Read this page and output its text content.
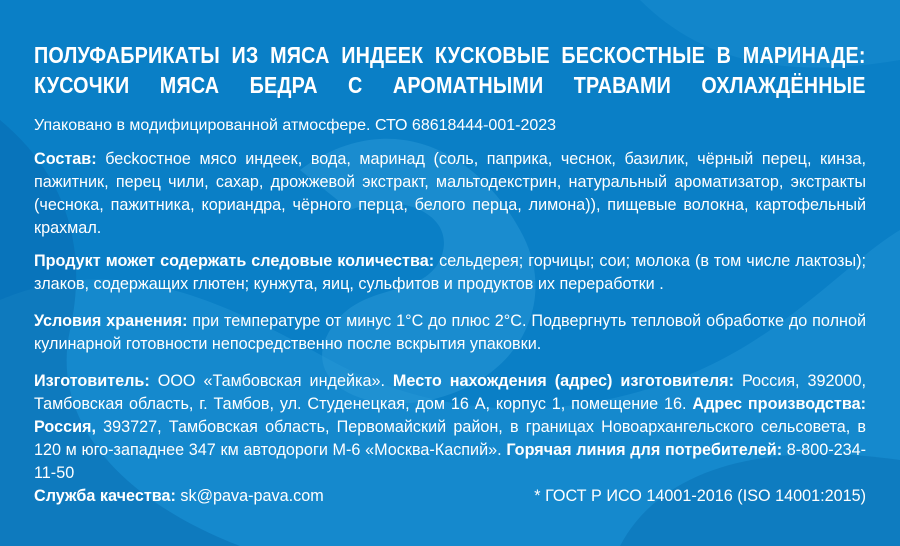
ПОЛУФАБРИКАТЫ ИЗ МЯСА ИНДЕЕК КУСКОВЫЕ БЕСКОСТНЫЕ В МАРИНАДЕ:
КУСОЧКИ МЯСА БЕДРА С АРОМАТНЫМИ ТРАВАМИ ОХЛАЖДЁННЫЕ
Упаковано в модифицированной атмосфере. СТО 68618444-001-2023
Состав: бесkостное мясо индеек, вода, маринад (соль, паприка, чеснок, базилик, чёрный перец, кинза, пажитник, перец чили, сахар, дрожжевой экстракт, мальтодекстрин, натуральный ароматизатор, экстракты (чеснока, пажитника, кориандра, чёрного перца, белого перца, лимона)), пищевые волокна, картофельный крахмал.
Продукт может содержать следовые количества: сельдерея; горчицы; сои; молока (в том числе лактозы); злаков, содержащих глютен; кунжута, яиц, сульфитов и продуктов их переработки .
Условия хранения: при температуре от минус 1°С до плюс 2°С. Подвергнуть тепловой обработке до полной кулинарной готовности непосредственно после вскрытия упаковки.
Изготовитель: ООО «Тамбовская индейка». Место нахождения (адрес) изготовителя: Россия, 392000, Тамбовская область, г. Тамбов, ул. Студенецкая, дом 16 А, корпус 1, помещение 16. Адрес производства: Россия, 393727, Тамбовская область, Первомайский район, в границах Новоархангельского сельсовета, в 120 м юго-западнее 347 км автодороги М-6 «Москва-Каспий». Горячая линия для потребителей: 8-800-234-11-50
Служба качества: sk@pava-pava.com	* ГОСТ Р ИСО 14001-2016 (ISO 14001:2015)
